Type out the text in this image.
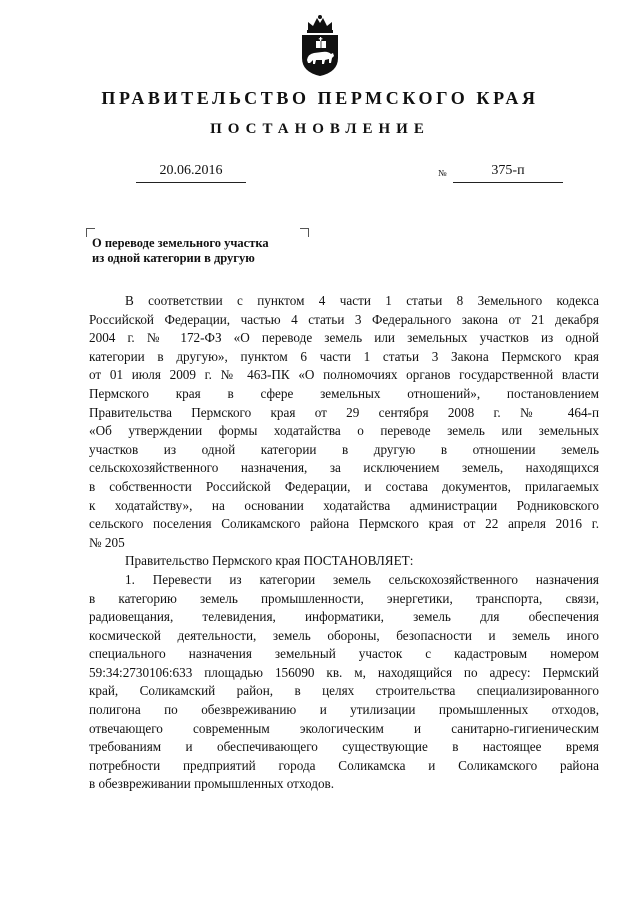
ПРАВИТЕЛЬСТВО ПЕРМСКОГО КРАЯ
ПОСТАНОВЛЕНИЕ
20.06.2016	№	375-п
О переводе земельного участка
из одной категории в другую
В соответствии с пунктом 4 части 1 статьи 8 Земельного кодекса
Российской Федерации, частью 4 статьи 3 Федерального закона от 21 декабря
2004 г. № 172-ФЗ «О переводе земель или земельных участков из одной
категории в другую», пунктом 6 части 1 статьи 3 Закона Пермского края
от 01 июля 2009 г. № 463-ПК «О полномочиях органов государственной власти
Пермского края в сфере земельных отношений», постановлением
Правительства Пермского края от 29 сентября 2008 г. № 464-п
«Об утверждении формы ходатайства о переводе земель или земельных
участков из одной категории в другую в отношении земель
сельскохозяйственного назначения, за исключением земель, находящихся
в собственности Российской Федерации, и состава документов, прилагаемых
к ходатайству», на основании ходатайства администрации Родниковского
сельского поселения Соликамского района Пермского края от 22 апреля 2016 г.
№ 205
Правительство Пермского края ПОСТАНОВЛЯЕТ:
1. Перевести из категории земель сельскохозяйственного назначения
в категорию земель промышленности, энергетики, транспорта, связи,
радиовещания, телевидения, информатики, земель для обеспечения
космической деятельности, земель обороны, безопасности и земель иного
специального назначения земельный участок с кадастровым номером
59:34:2730106:633 площадью 156090 кв. м, находящийся по адресу: Пермский
край, Соликамский район, в целях строительства специализированного
полигона по обезвреживанию и утилизации промышленных отходов,
отвечающего современным экологическим и санитарно-гигиеническим
требованиям и обеспечивающего существующие в настоящее время
потребности предприятий города Соликамска и Соликамского района
в обезвреживании промышленных отходов.
